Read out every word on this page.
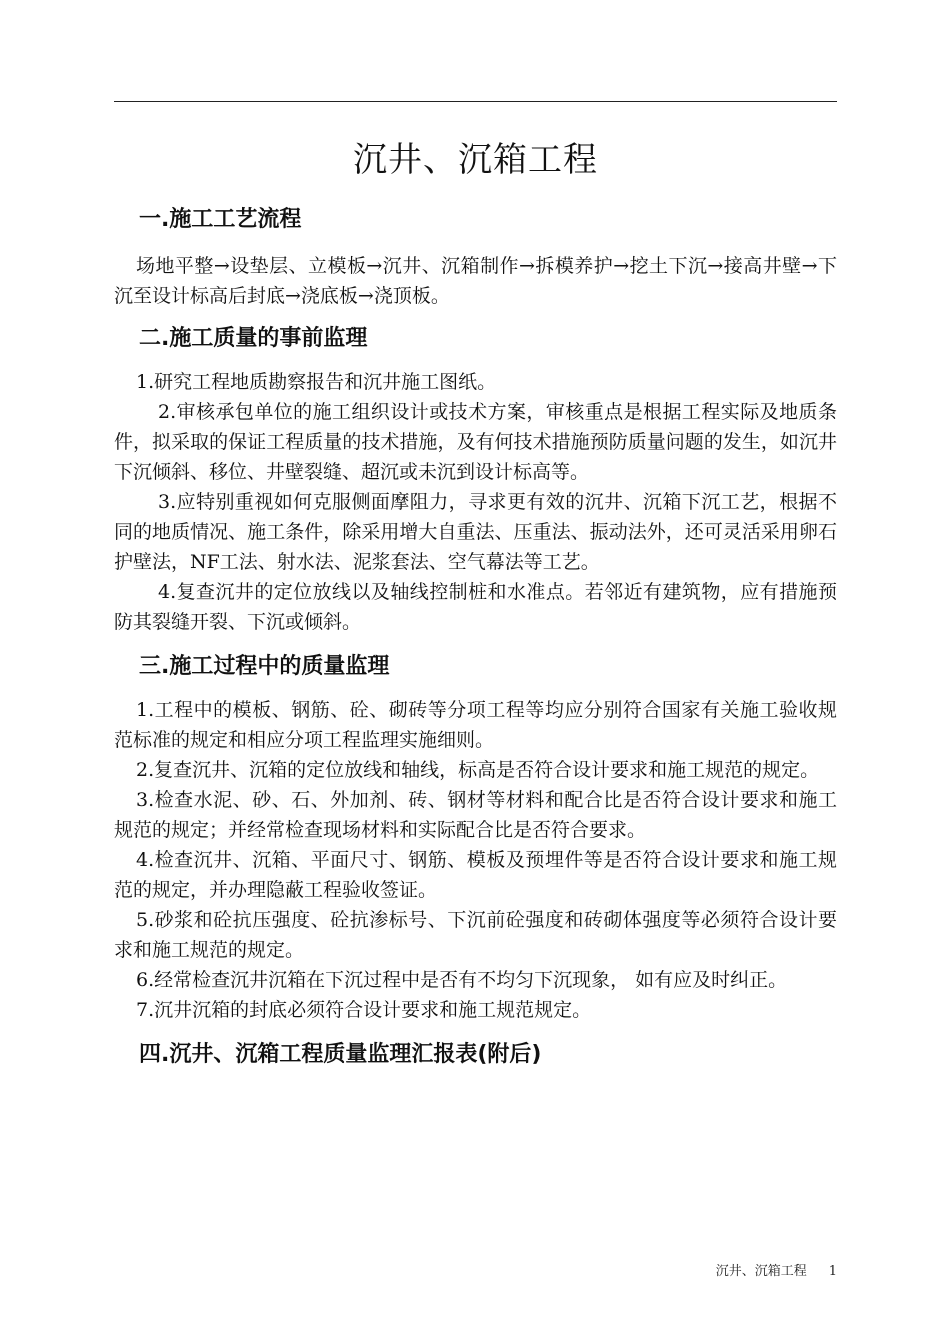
沉井、沉箱工程
一.施工工艺流程

场地平整→设垫层、立模板→沉井、沉箱制作→拆模养护→挖土下沉→接高井壁→下沉至设计标高后封底→浇底板→浇顶板。

二.施工质量的事前监理

1.研究工程地质勘察报告和沉井施工图纸。

2.审核承包单位的施工组织设计或技术方案，审核重点是根据工程实际及地质条件，拟采取的保证工程质量的技术措施，及有何技术措施预防质量问题的发生，如沉井下沉倾斜、移位、井壁裂缝、超沉或未沉到设计标高等。

3.应特别重视如何克服侧面摩阻力，寻求更有效的沉井、沉箱下沉工艺，根据不同的地质情况、施工条件，除采用增大自重法、压重法、振动法外，还可灵活采用卵石护壁法，NF工法、射水法、泥浆套法、空气幕法等工艺。

4.复查沉井的定位放线以及轴线控制桩和水准点。若邻近有建筑物，应有措施预防其裂缝开裂、下沉或倾斜。

三.施工过程中的质量监理

1.工程中的模板、钢筋、砼、砌砖等分项工程等均应分别符合国家有关施工验收规范标准的规定和相应分项工程监理实施细则。

2.复查沉井、沉箱的定位放线和轴线，标高是否符合设计要求和施工规范的规定。

3.检查水泥、砂、石、外加剂、砖、钢材等材料和配合比是否符合设计要求和施工规范的规定；并经常检查现场材料和实际配合比是否符合要求。

4.检查沉井、沉箱、平面尺寸、钢筋、模板及预埋件等是否符合设计要求和施工规范的规定，并办理隐蔽工程验收签证。

5.砂浆和砼抗压强度、砼抗渗标号、下沉前砼强度和砖砌体强度等必须符合设计要求和施工规范的规定。

6.经常检查沉井沉箱在下沉过程中是否有不均匀下沉现象， 如有应及时纠正。

7.沉井沉箱的封底必须符合设计要求和施工规范规定。

四.沉井、沉箱工程质量监理汇报表(附后)
沉井、沉箱工程 1
